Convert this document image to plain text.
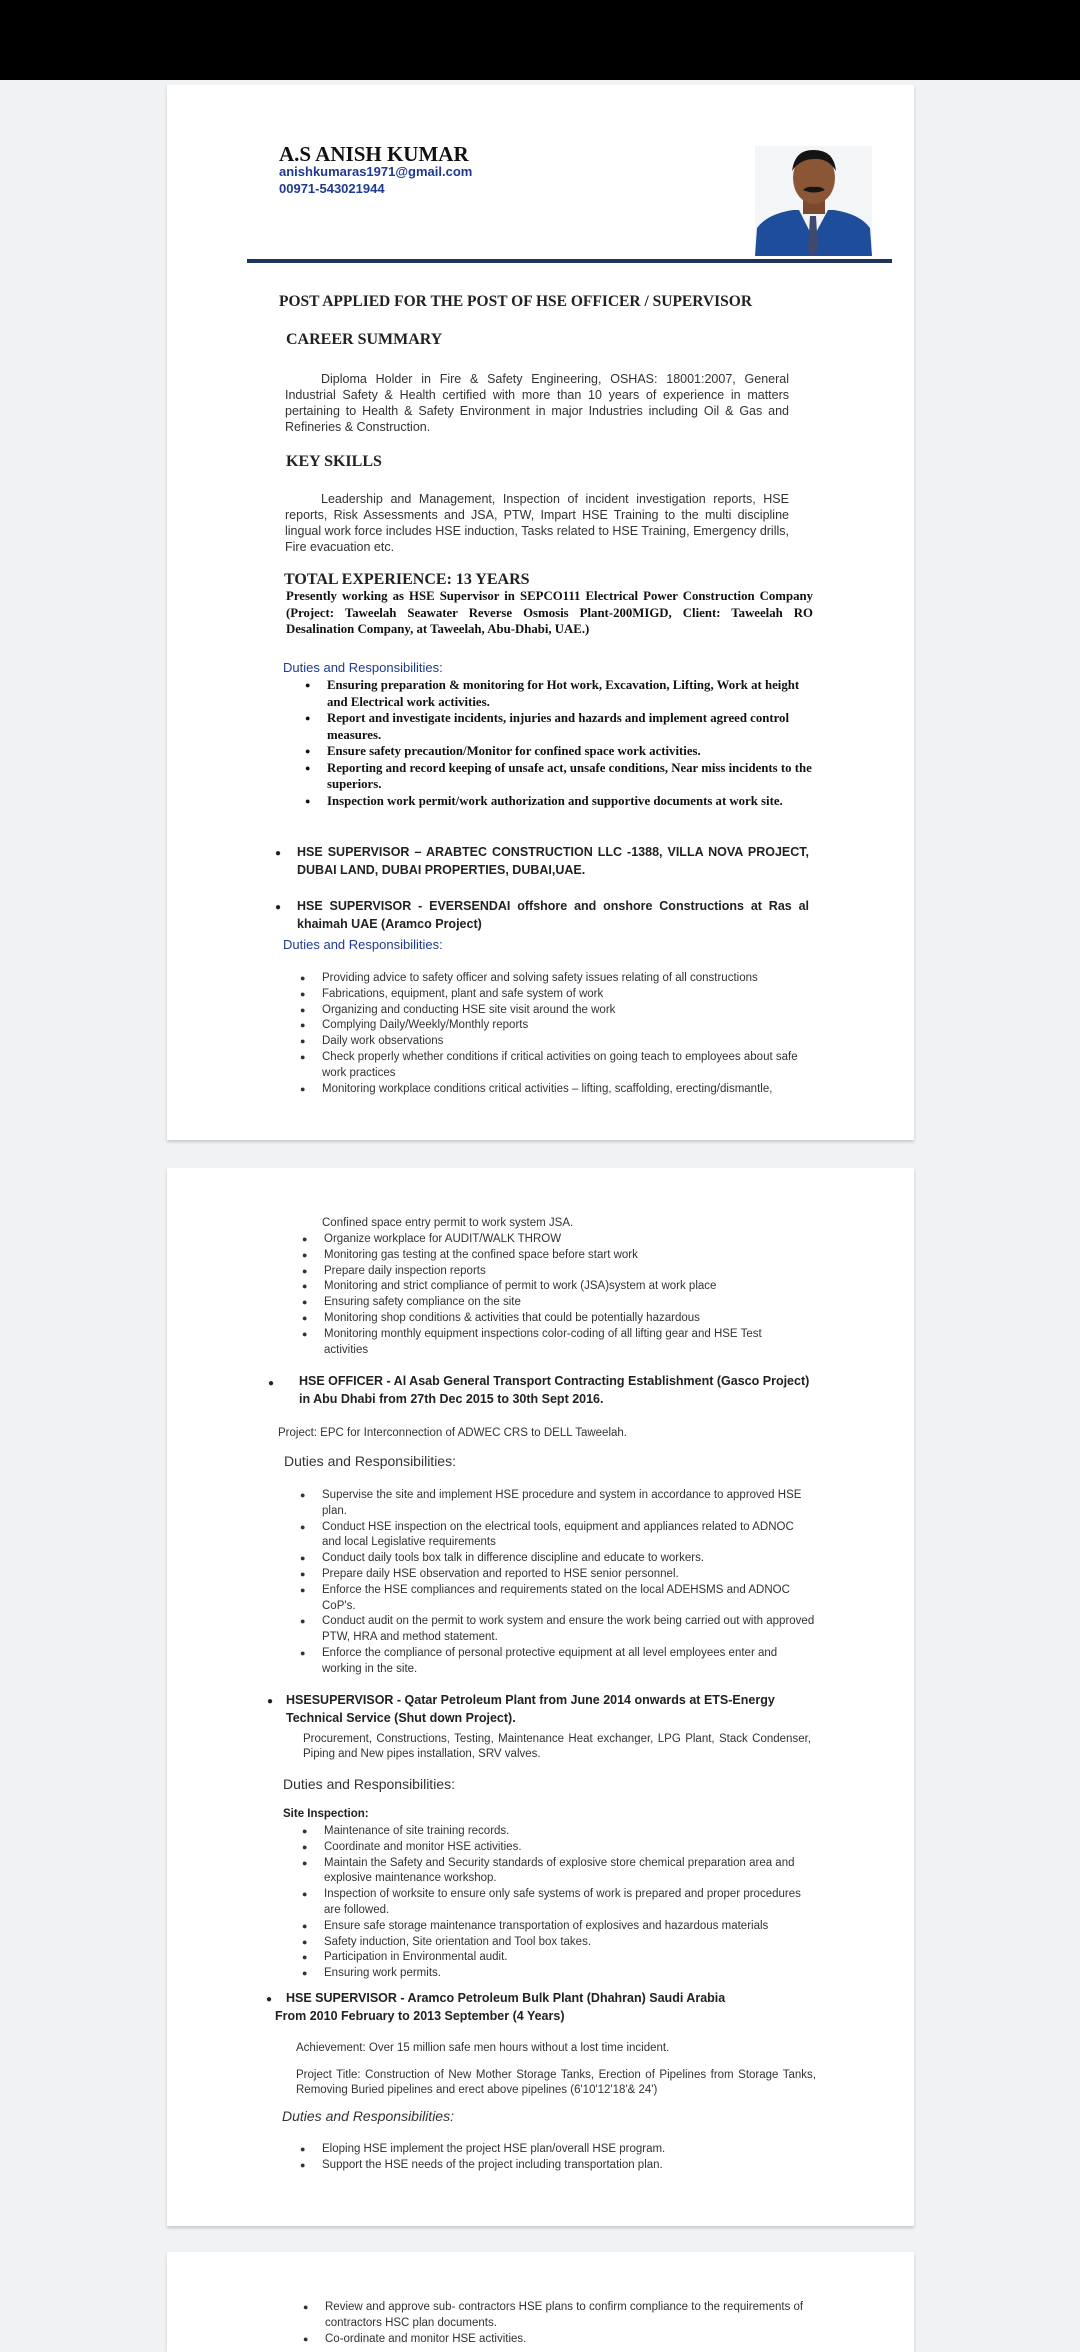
A.S ANISH KUMAR
anishkumaras1971@gmail.com
00971-543021944
POST APPLIED FOR THE POST OF HSE OFFICER / SUPERVISOR
CAREER SUMMARY
Diploma Holder in Fire & Safety Engineering, OSHAS: 18001:2007, General Industrial Safety & Health certified with more than 10 years of experience in matters pertaining to Health & Safety Environment in major Industries including Oil & Gas and Refineries & Construction.
KEY SKILLS
Leadership and Management, Inspection of incident investigation reports, HSE reports, Risk Assessments and JSA, PTW, Impart HSE Training to the multi discipline lingual work force includes HSE induction, Tasks related to HSE Training, Emergency drills, Fire evacuation etc.
TOTAL EXPERIENCE: 13 YEARS
Presently working as HSE Supervisor in SEPCO111 Electrical Power Construction Company (Project: Taweelah Seawater Reverse Osmosis Plant-200MIGD, Client: Taweelah RO Desalination Company, at Taweelah, Abu-Dhabi, UAE.)
Duties and Responsibilities:
● Ensuring preparation & monitoring for Hot work, Excavation, Lifting, Work at height and Electrical work activities.
● Report and investigate incidents, injuries and hazards and implement agreed control measures.
● Ensure safety precaution/Monitor for confined space work activities.
● Reporting and record keeping of unsafe act, unsafe conditions, Near miss incidents to the superiors.
● Inspection work permit/work authorization and supportive documents at work site.
● HSE SUPERVISOR – ARABTEC CONSTRUCTION LLC -1388, VILLA NOVA PROJECT, DUBAI LAND, DUBAI PROPERTIES, DUBAI,UAE.
● HSE SUPERVISOR - EVERSENDAI offshore and onshore Constructions at Ras al khaimah UAE (Aramco Project)
Duties and Responsibilities:
● Providing advice to safety officer and solving safety issues relating of all constructions
● Fabrications, equipment, plant and safe system of work
● Organizing and conducting HSE site visit around the work
● Complying Daily/Weekly/Monthly reports
● Daily work observations
● Check properly whether conditions if critical activities on going teach to employees about safe work practices
● Monitoring workplace conditions critical activities – lifting, scaffolding, erecting/dismantle,
Confined space entry permit to work system JSA.
● Organize workplace for AUDIT/WALK THROW
● Monitoring gas testing at the confined space before start work
● Prepare daily inspection reports
● Monitoring and strict compliance of permit to work (JSA)system at work place
● Ensuring safety compliance on the site
● Monitoring shop conditions & activities that could be potentially hazardous
● Monitoring monthly equipment inspections color-coding of all lifting gear and HSE Test activities
● HSE OFFICER - Al Asab General Transport Contracting Establishment (Gasco Project) in Abu Dhabi from 27th Dec 2015 to 30th Sept 2016.
Project: EPC for Interconnection of ADWEC CRS to DELL Taweelah.
Duties and Responsibilities:
● Supervise the site and implement HSE procedure and system in accordance to approved HSE plan.
● Conduct HSE inspection on the electrical tools, equipment and appliances related to ADNOC and local Legislative requirements
● Conduct daily tools box talk in difference discipline and educate to workers.
● Prepare daily HSE observation and reported to HSE senior personnel.
● Enforce the HSE compliances and requirements stated on the local ADEHSMS and ADNOC CoP's.
● Conduct audit on the permit to work system and ensure the work being carried out with approved PTW, HRA and method statement.
● Enforce the compliance of personal protective equipment at all level employees enter and working in the site.
● HSESUPERVISOR - Qatar Petroleum Plant from June 2014 onwards at ETS-Energy Technical Service (Shut down Project).
Procurement, Constructions, Testing, Maintenance Heat exchanger, LPG Plant, Stack Condenser, Piping and New pipes installation, SRV valves.
Duties and Responsibilities:
Site Inspection:
● Maintenance of site training records.
● Coordinate and monitor HSE activities.
● Maintain the Safety and Security standards of explosive store chemical preparation area and explosive maintenance workshop.
● Inspection of worksite to ensure only safe systems of work is prepared and proper procedures are followed.
● Ensure safe storage maintenance transportation of explosives and hazardous materials
● Safety induction, Site orientation and Tool box takes.
● Participation in Environmental audit.
● Ensuring work permits.
● HSE SUPERVISOR - Aramco Petroleum Bulk Plant (Dhahran) Saudi Arabia
From 2010 February to 2013 September (4 Years)
Achievement: Over 15 million safe men hours without a lost time incident.
Project Title: Construction of New Mother Storage Tanks, Erection of Pipelines from Storage Tanks, Removing Buried pipelines and erect above pipelines (6'10'12'18'& 24')
Duties and Responsibilities:
● Eloping HSE implement the project HSE plan/overall HSE program.
● Support the HSE needs of the project including transportation plan.
● Review and approve sub- contractors HSE plans to confirm compliance to the requirements of contractors HSC plan documents.
● Co-ordinate and monitor HSE activities.
